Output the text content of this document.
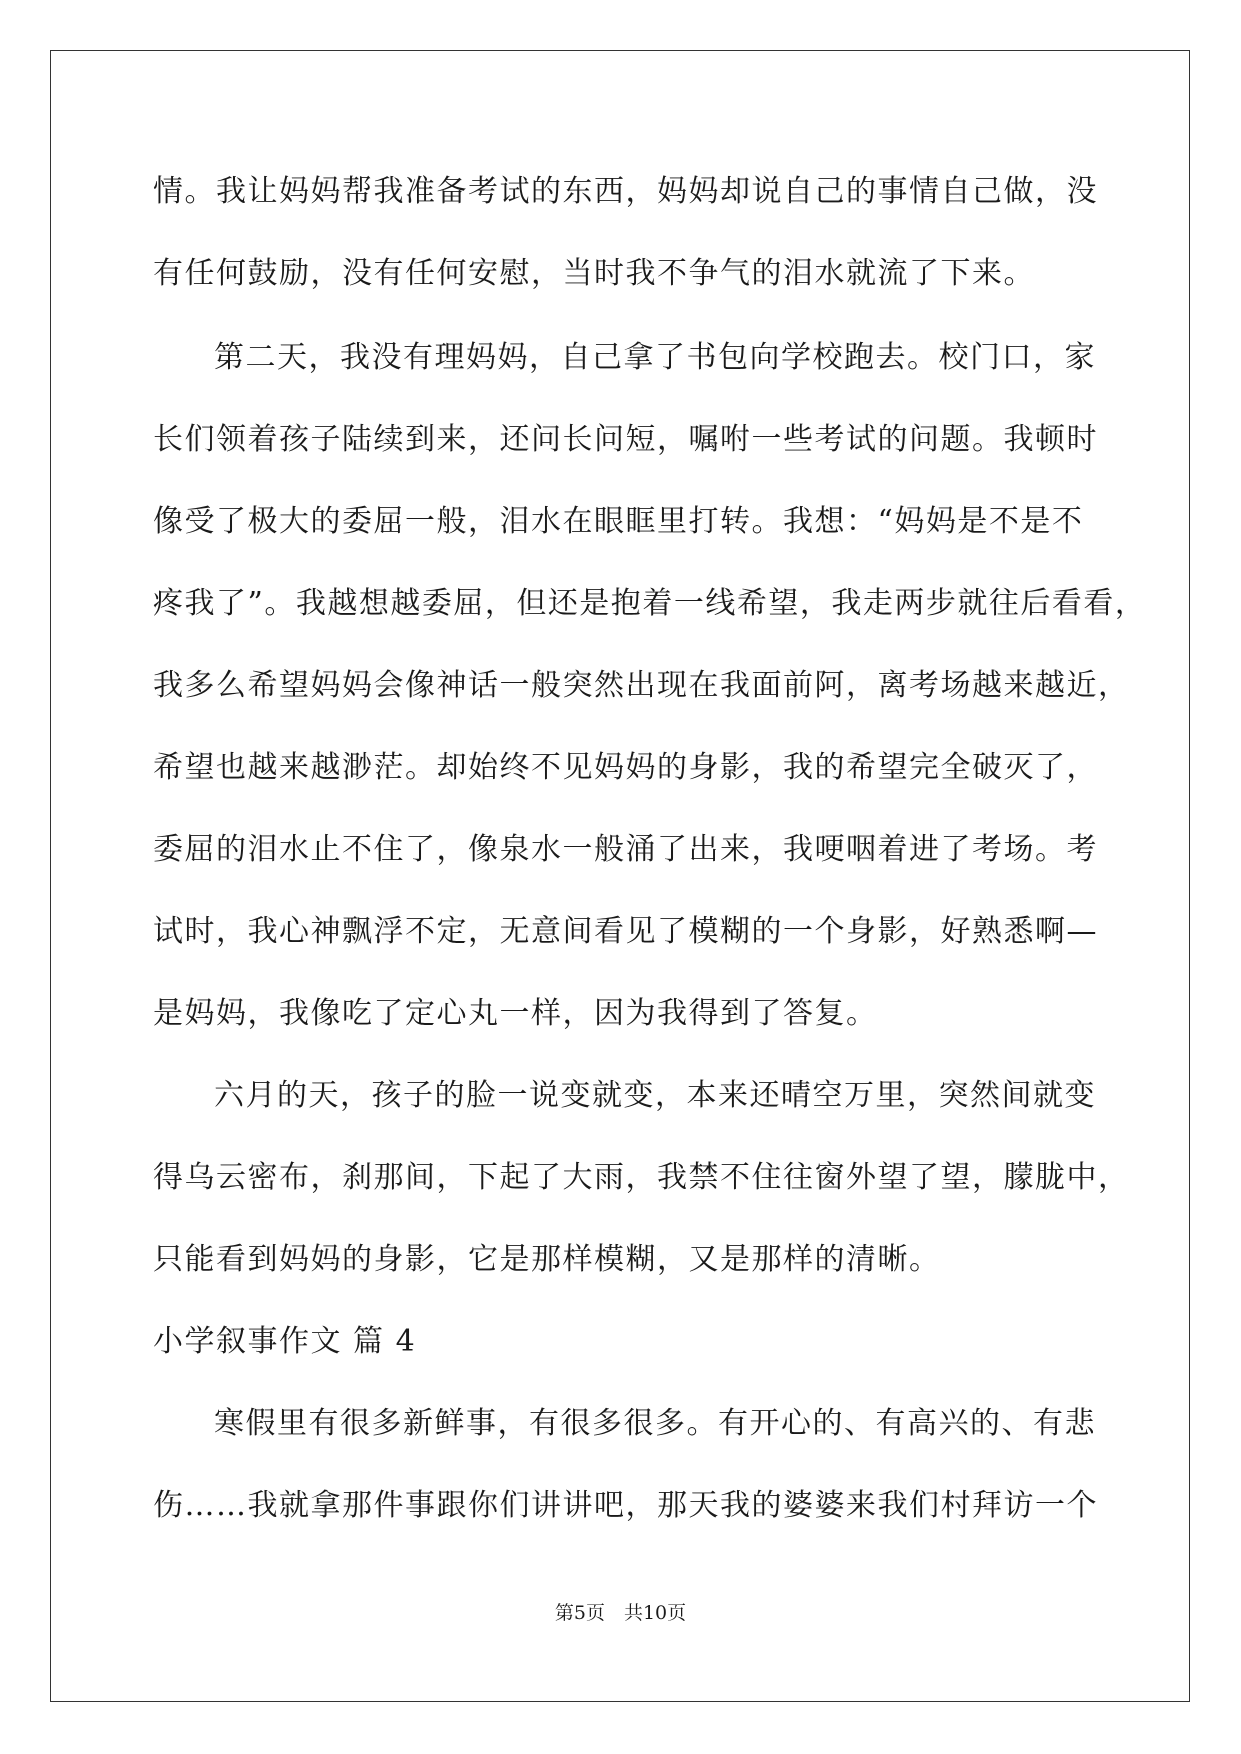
情。我让妈妈帮我准备考试的东西，妈妈却说自己的事情自己做，没
有任何鼓励，没有任何安慰，当时我不争气的泪水就流了下来。
第二天，我没有理妈妈，自己拿了书包向学校跑去。校门口，家
长们领着孩子陆续到来，还问长问短，嘱咐一些考试的问题。我顿时
像受了极大的委屈一般，泪水在眼眶里打转。我想：“妈妈是不是不
疼我了”。我越想越委屈，但还是抱着一线希望，我走两步就往后看看，
我多么希望妈妈会像神话一般突然出现在我面前阿，离考场越来越近，
希望也越来越渺茫。却始终不见妈妈的身影，我的希望完全破灭了，
委屈的泪水止不住了，像泉水一般涌了出来，我哽咽着进了考场。考
试时，我心神飘浮不定，无意间看见了模糊的一个身影，好熟悉啊—
是妈妈，我像吃了定心丸一样，因为我得到了答复。
六月的天，孩子的脸一说变就变，本来还晴空万里，突然间就变
得乌云密布，刹那间，下起了大雨，我禁不住往窗外望了望，朦胧中，
只能看到妈妈的身影，它是那样模糊，又是那样的清晰。
小学叙事作文 篇 4
寒假里有很多新鲜事，有很多很多。有开心的、有高兴的、有悲
伤……我就拿那件事跟你们讲讲吧，那天我的婆婆来我们村拜访一个
第5页　共10页
